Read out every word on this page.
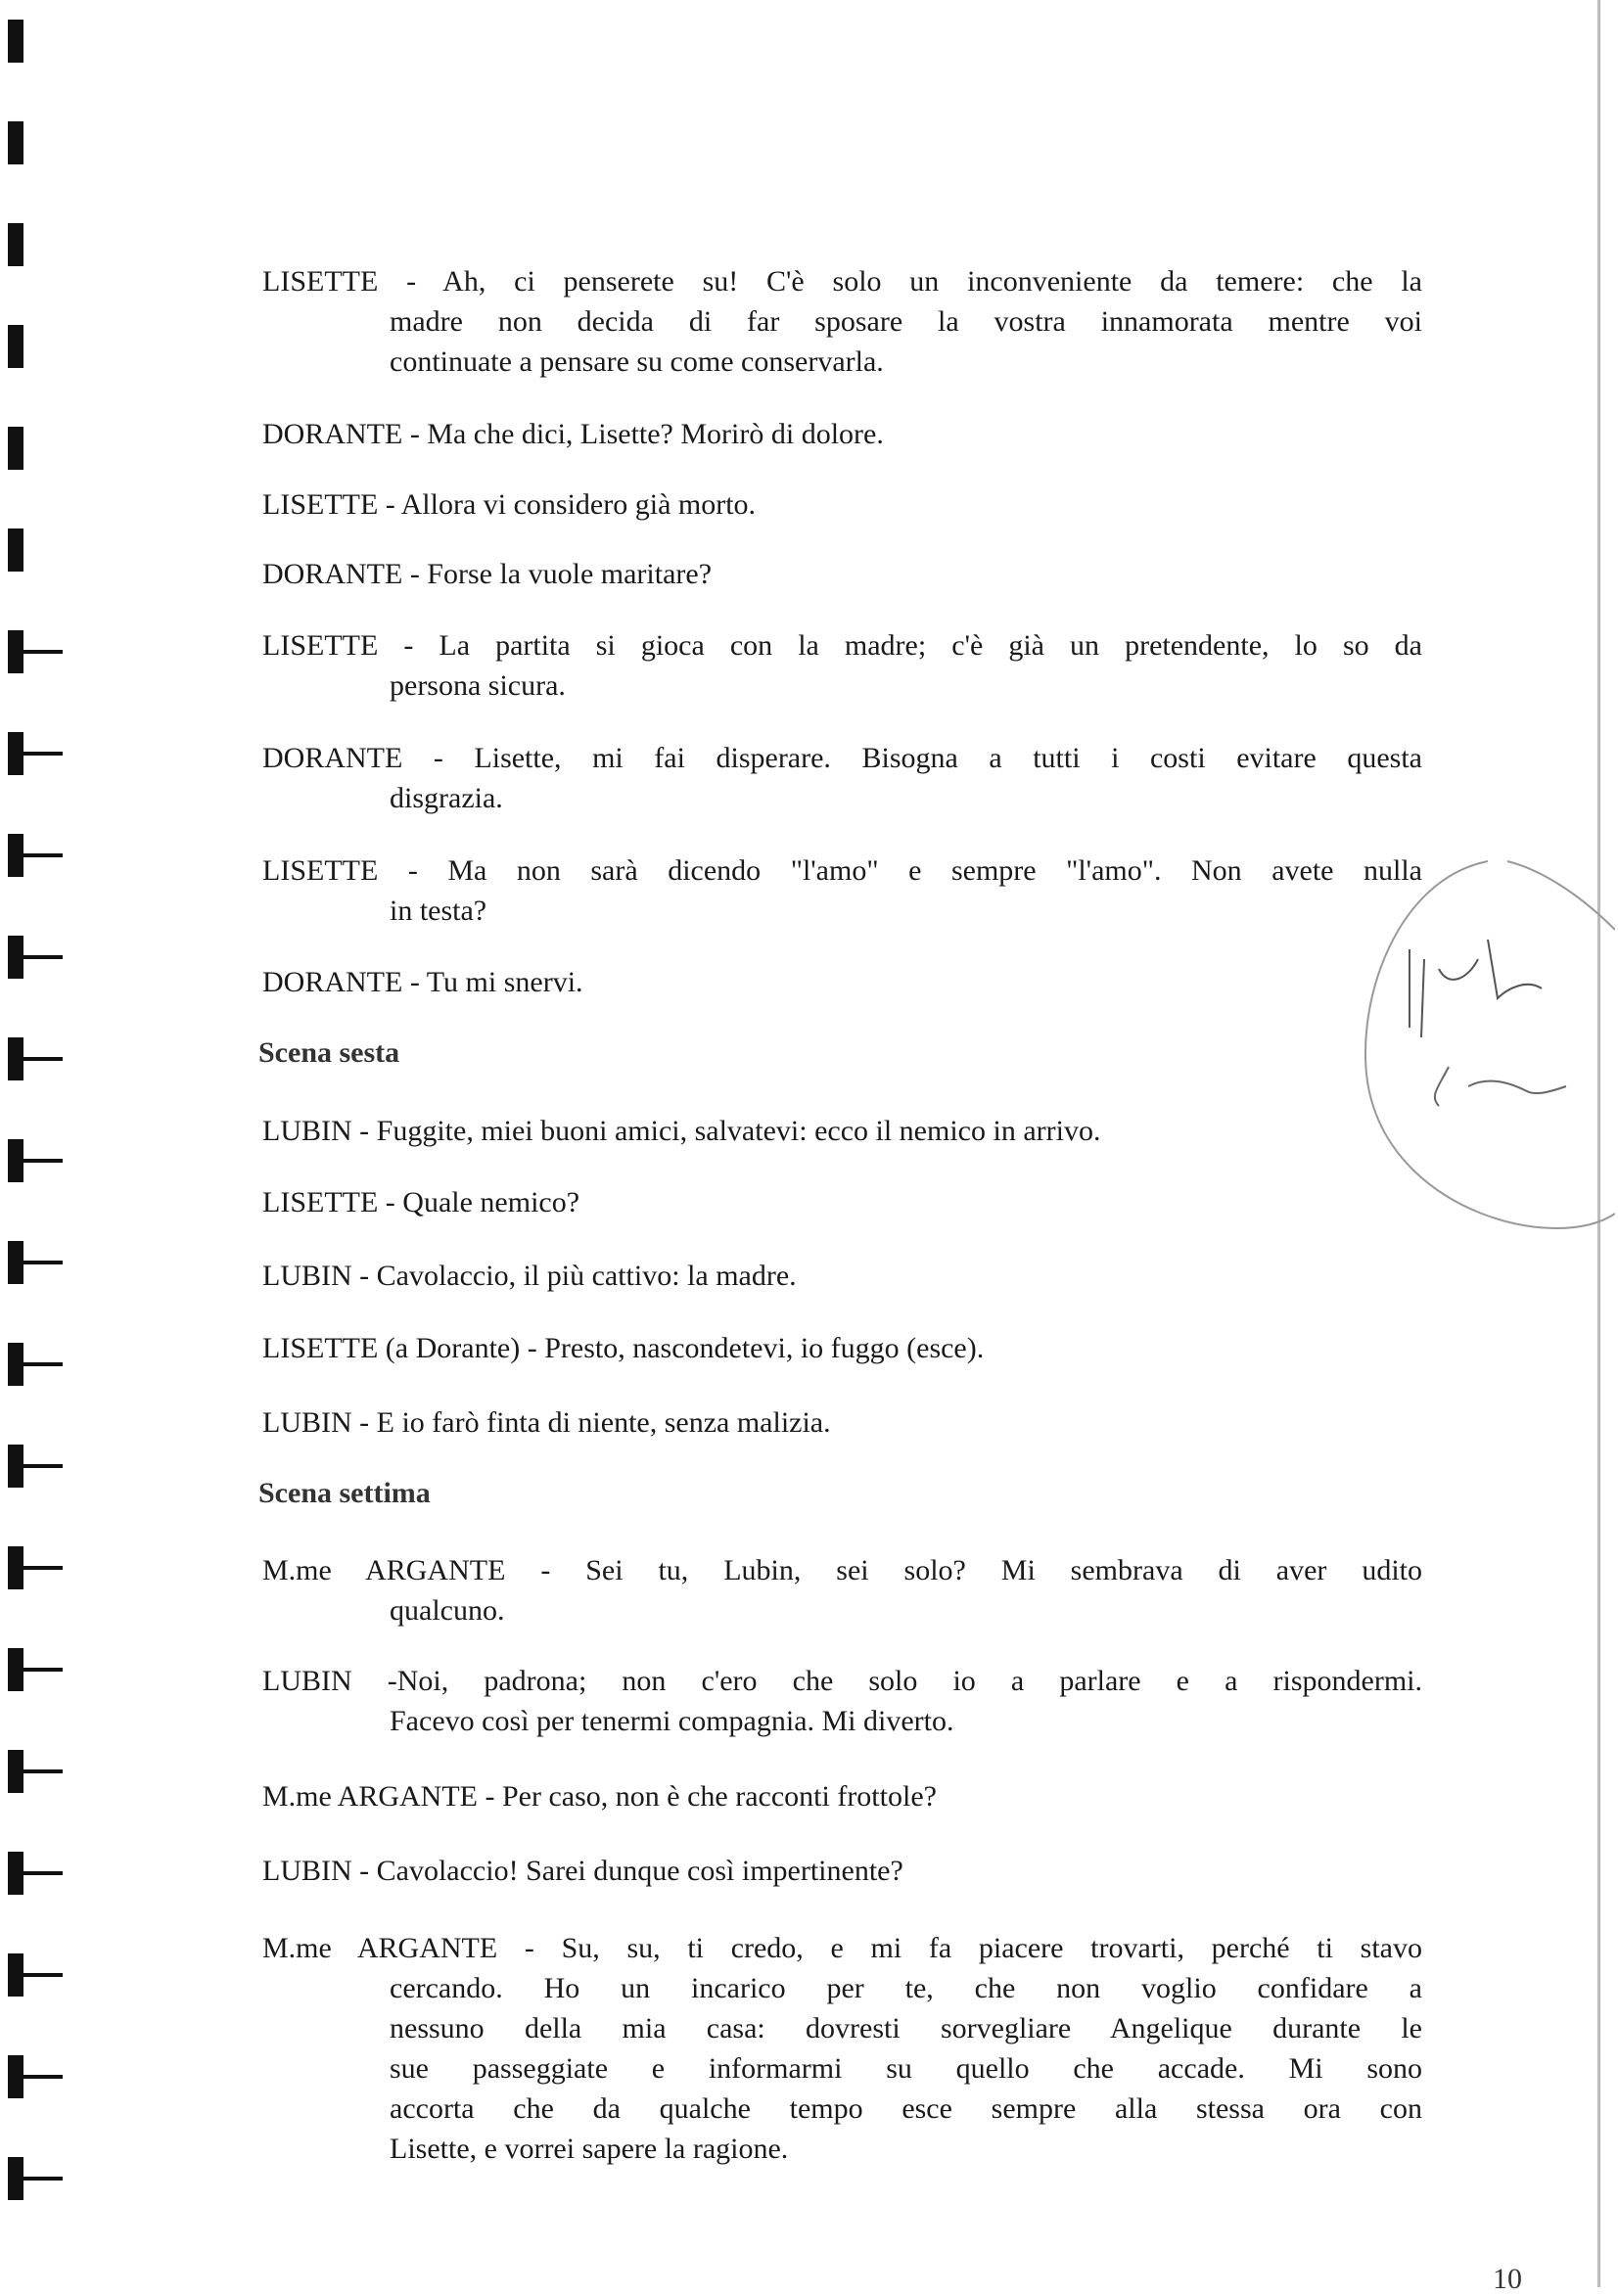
LISETTE - Ah, ci penserete su! C'è solo un inconveniente da temere: che la
madre non decida di far sposare la vostra innamorata mentre voi
continuate a pensare su come conservarla.
DORANTE - Ma che dici, Lisette? Morirò di dolore.
LISETTE - Allora vi considero già morto.
DORANTE - Forse la vuole maritare?
LISETTE - La partita si gioca con la madre; c'è già un pretendente, lo so da
persona sicura.
DORANTE - Lisette, mi fai disperare. Bisogna a tutti i costi evitare questa
disgrazia.
LISETTE - Ma non sarà dicendo "l'amo" e sempre "l'amo". Non avete nulla
in testa?
DORANTE - Tu mi snervi.
Scena sesta
LUBIN - Fuggite, miei buoni amici, salvatevi: ecco il nemico in arrivo.
LISETTE - Quale nemico?
LUBIN - Cavolaccio, il più cattivo: la madre.
LISETTE (a Dorante) - Presto, nascondetevi, io fuggo (esce).
LUBIN - E io farò finta di niente, senza malizia.
Scena settima
M.me ARGANTE - Sei tu, Lubin, sei solo? Mi sembrava di aver udito
qualcuno.
LUBIN -Noi, padrona; non c'ero che solo io a parlare e a rispondermi.
Facevo così per tenermi compagnia. Mi diverto.
M.me ARGANTE - Per caso, non è che racconti frottole?
LUBIN - Cavolaccio! Sarei dunque così impertinente?
M.me ARGANTE - Su, su, ti credo, e mi fa piacere trovarti, perché ti stavo
cercando. Ho un incarico per te, che non voglio confidare a
nessuno della mia casa: dovresti sorvegliare Angelique durante le
sue passeggiate e informarmi su quello che accade. Mi sono
accorta che da qualche tempo esce sempre alla stessa ora con
Lisette, e vorrei sapere la ragione.
10
